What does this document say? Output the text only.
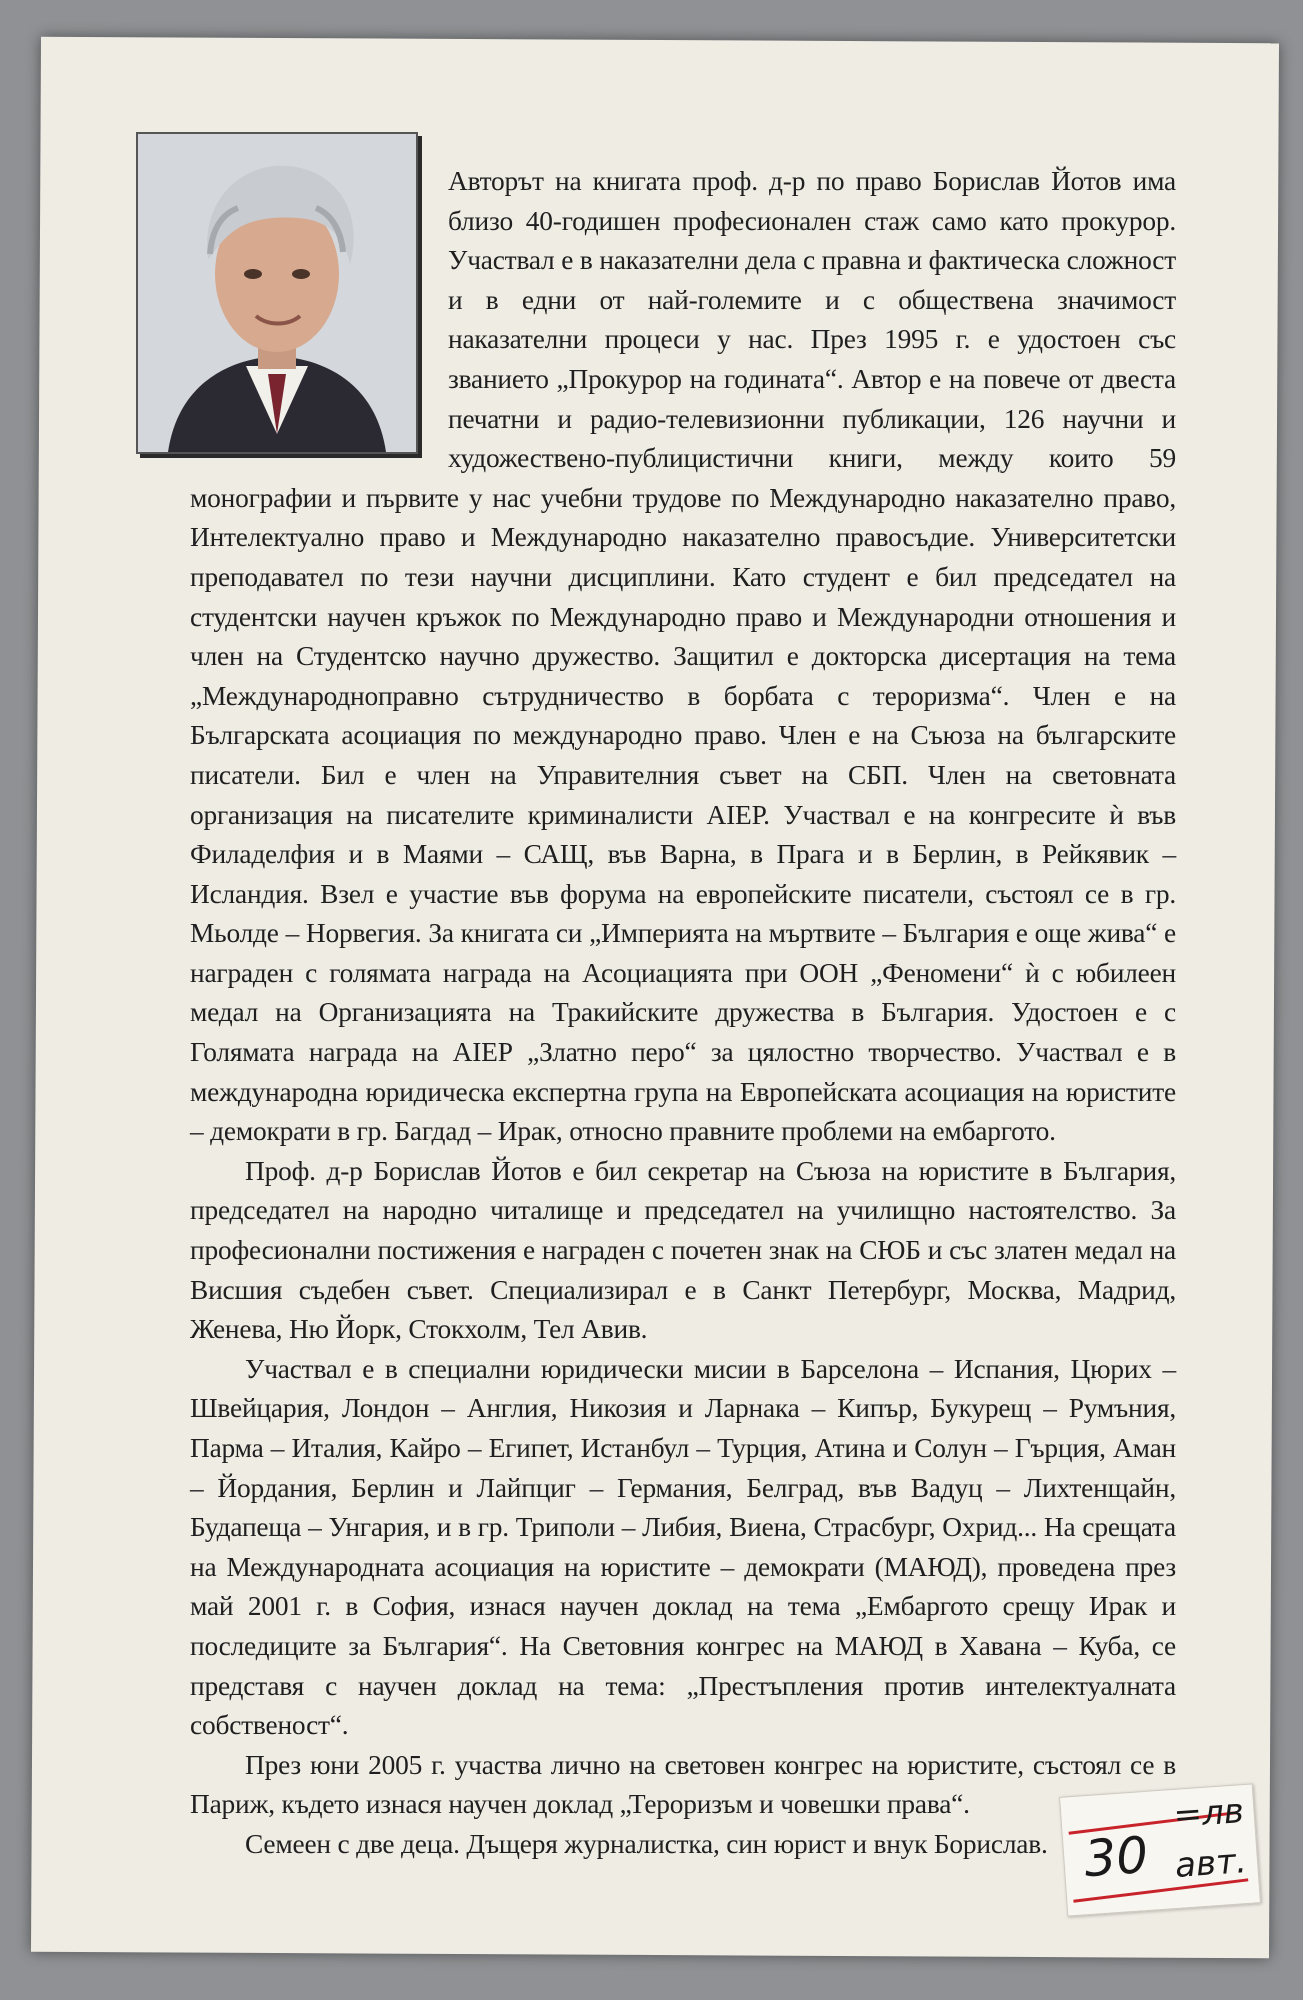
Авторът на книгата проф. д-р по право Борислав Йотов има близо 40-годишен професионален стаж само като прокурор. Участвал е в наказателни дела с правна и фактическа сложност и в едни от най-големите и с обществена значимост наказателни процеси у нас. През 1995 г. е удостоен със званието „Прокурор на годината“. Автор е на повече от двеста печатни и радио-телевизионни публикации, 126 научни и художествено-публицистични книги, между които 59 монографии и първите у нас учебни трудове по Международно наказателно право, Интелектуално право и Международно наказателно правосъдие. Университетски преподавател по тези научни дисциплини. Като студент е бил председател на студентски научен кръжок по Международно право и Международни отношения и член на Студентско научно дружество. Защитил е докторска дисертация на тема „Международноправно сътрудничество в борбата с тероризма“. Член е на Българската асоциация по международно право. Член е на Съюза на българските писатели. Бил е член на Управителния съвет на СБП. Член на световната организация на писателите криминалисти АIЕР. Участвал е на конгресите ѝ във Филаделфия и в Маями – САЩ, във Варна, в Прага и в Берлин, в Рейкявик – Исландия. Взел е участие във форума на европейските писатели, състоял се в гр. Мьолде – Норвегия. За книгата си „Империята на мъртвите – България е още жива“ е награден с голямата награда на Асоциацията при ООН „Феномени“ ѝ с юбилеен медал на Организацията на Тракийските дружества в България. Удостоен е с Голямата награда на АIЕР „Златно перо“ за цялостно творчество. Участвал е в международна юридическа експертна група на Европейската асоциация на юристите – демократи в гр. Багдад – Ирак, относно правните проблеми на ембаргото.

Проф. д-р Борислав Йотов е бил секретар на Съюза на юристите в България, председател на народно читалище и председател на училищно настоятелство. За професионални постижения е награден с почетен знак на СЮБ и със златен медал на Висшия съдебен съвет. Специализирал е в Санкт Петербург, Москва, Мадрид, Женева, Ню Йорк, Стокхолм, Тел Авив.

Участвал е в специални юридически мисии в Барселона – Испания, Цюрих – Швейцария, Лондон – Англия, Никозия и Ларнака – Кипър, Букурещ – Румъния, Парма – Италия, Кайро – Египет, Истанбул – Турция, Атина и Солун – Гърция, Аман – Йордания, Берлин и Лайпциг – Германия, Белград, във Вадуц – Лихтенщайн, Будапеща – Унгария, и в гр. Триполи – Либия, Виена, Страсбург, Охрид... На срещата на Международната асоциация на юристите – демократи (МАЮД), проведена през май 2001 г. в София, изнася научен доклад на тема „Ембаргото срещу Ирак и последиците за България“. На Световния конгрес на МАЮД в Хавана – Куба, се представя с научен доклад на тема: „Престъпления против интелектуалната собственост“.

През юни 2005 г. участва лично на световен конгрес на юристите, състоял се в Париж, където изнася научен доклад „Тероризъм и човешки права“.

Семеен с две деца. Дъщеря журналистка, син юрист и внук Борислав. 30
=лв
авт.
